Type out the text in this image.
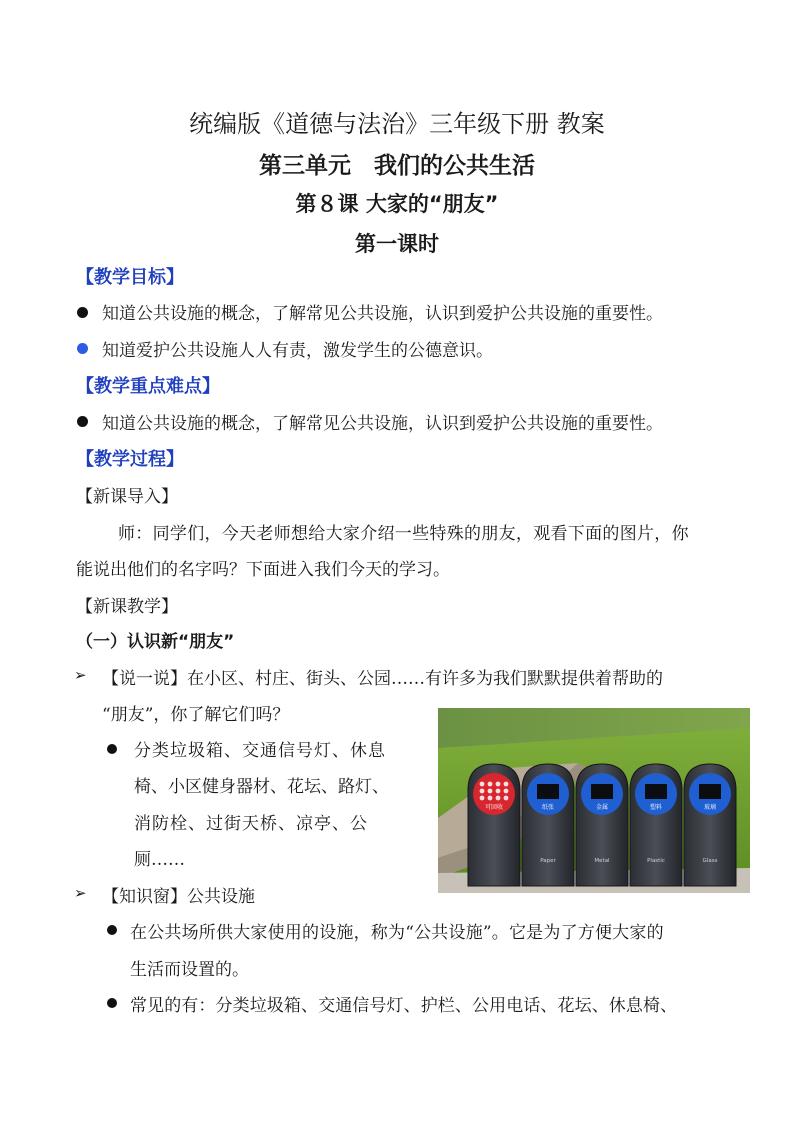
统编版《道德与法治》三年级下册 教案
第三单元　我们的公共生活
第８课 大家的“朋友”
第一课时
【教学目标】
知道公共设施的概念，了解常见公共设施，认识到爱护公共设施的重要性。
知道爱护公共设施人人有责，激发学生的公德意识。
【教学重点难点】
知道公共设施的概念，了解常见公共设施，认识到爱护公共设施的重要性。
【教学过程】
【新课导入】
师：同学们，今天老师想给大家介绍一些特殊的朋友，观看下面的图片，你
能说出他们的名字吗？下面进入我们今天的学习。
【新课教学】
（一）认识新“朋友”
➢ 【说一说】在小区、村庄、街头、公园……有许多为我们默默提供着帮助的
“朋友”，你了解它们吗？
分类垃圾箱、交通信号灯、休息
椅、小区健身器材、花坛、路灯、
消防栓、过街天桥、凉亭、公
厕……
➢ 【知识窗】公共设施
在公共场所供大家使用的设施，称为“公共设施”。它是为了方便大家的
生活而设置的。
常见的有：分类垃圾箱、交通信号灯、护栏、公用电话、花坛、休息椅、
可回收	纸张
Paper
金属
Metal
塑料
Plastic
玻璃
Glass
